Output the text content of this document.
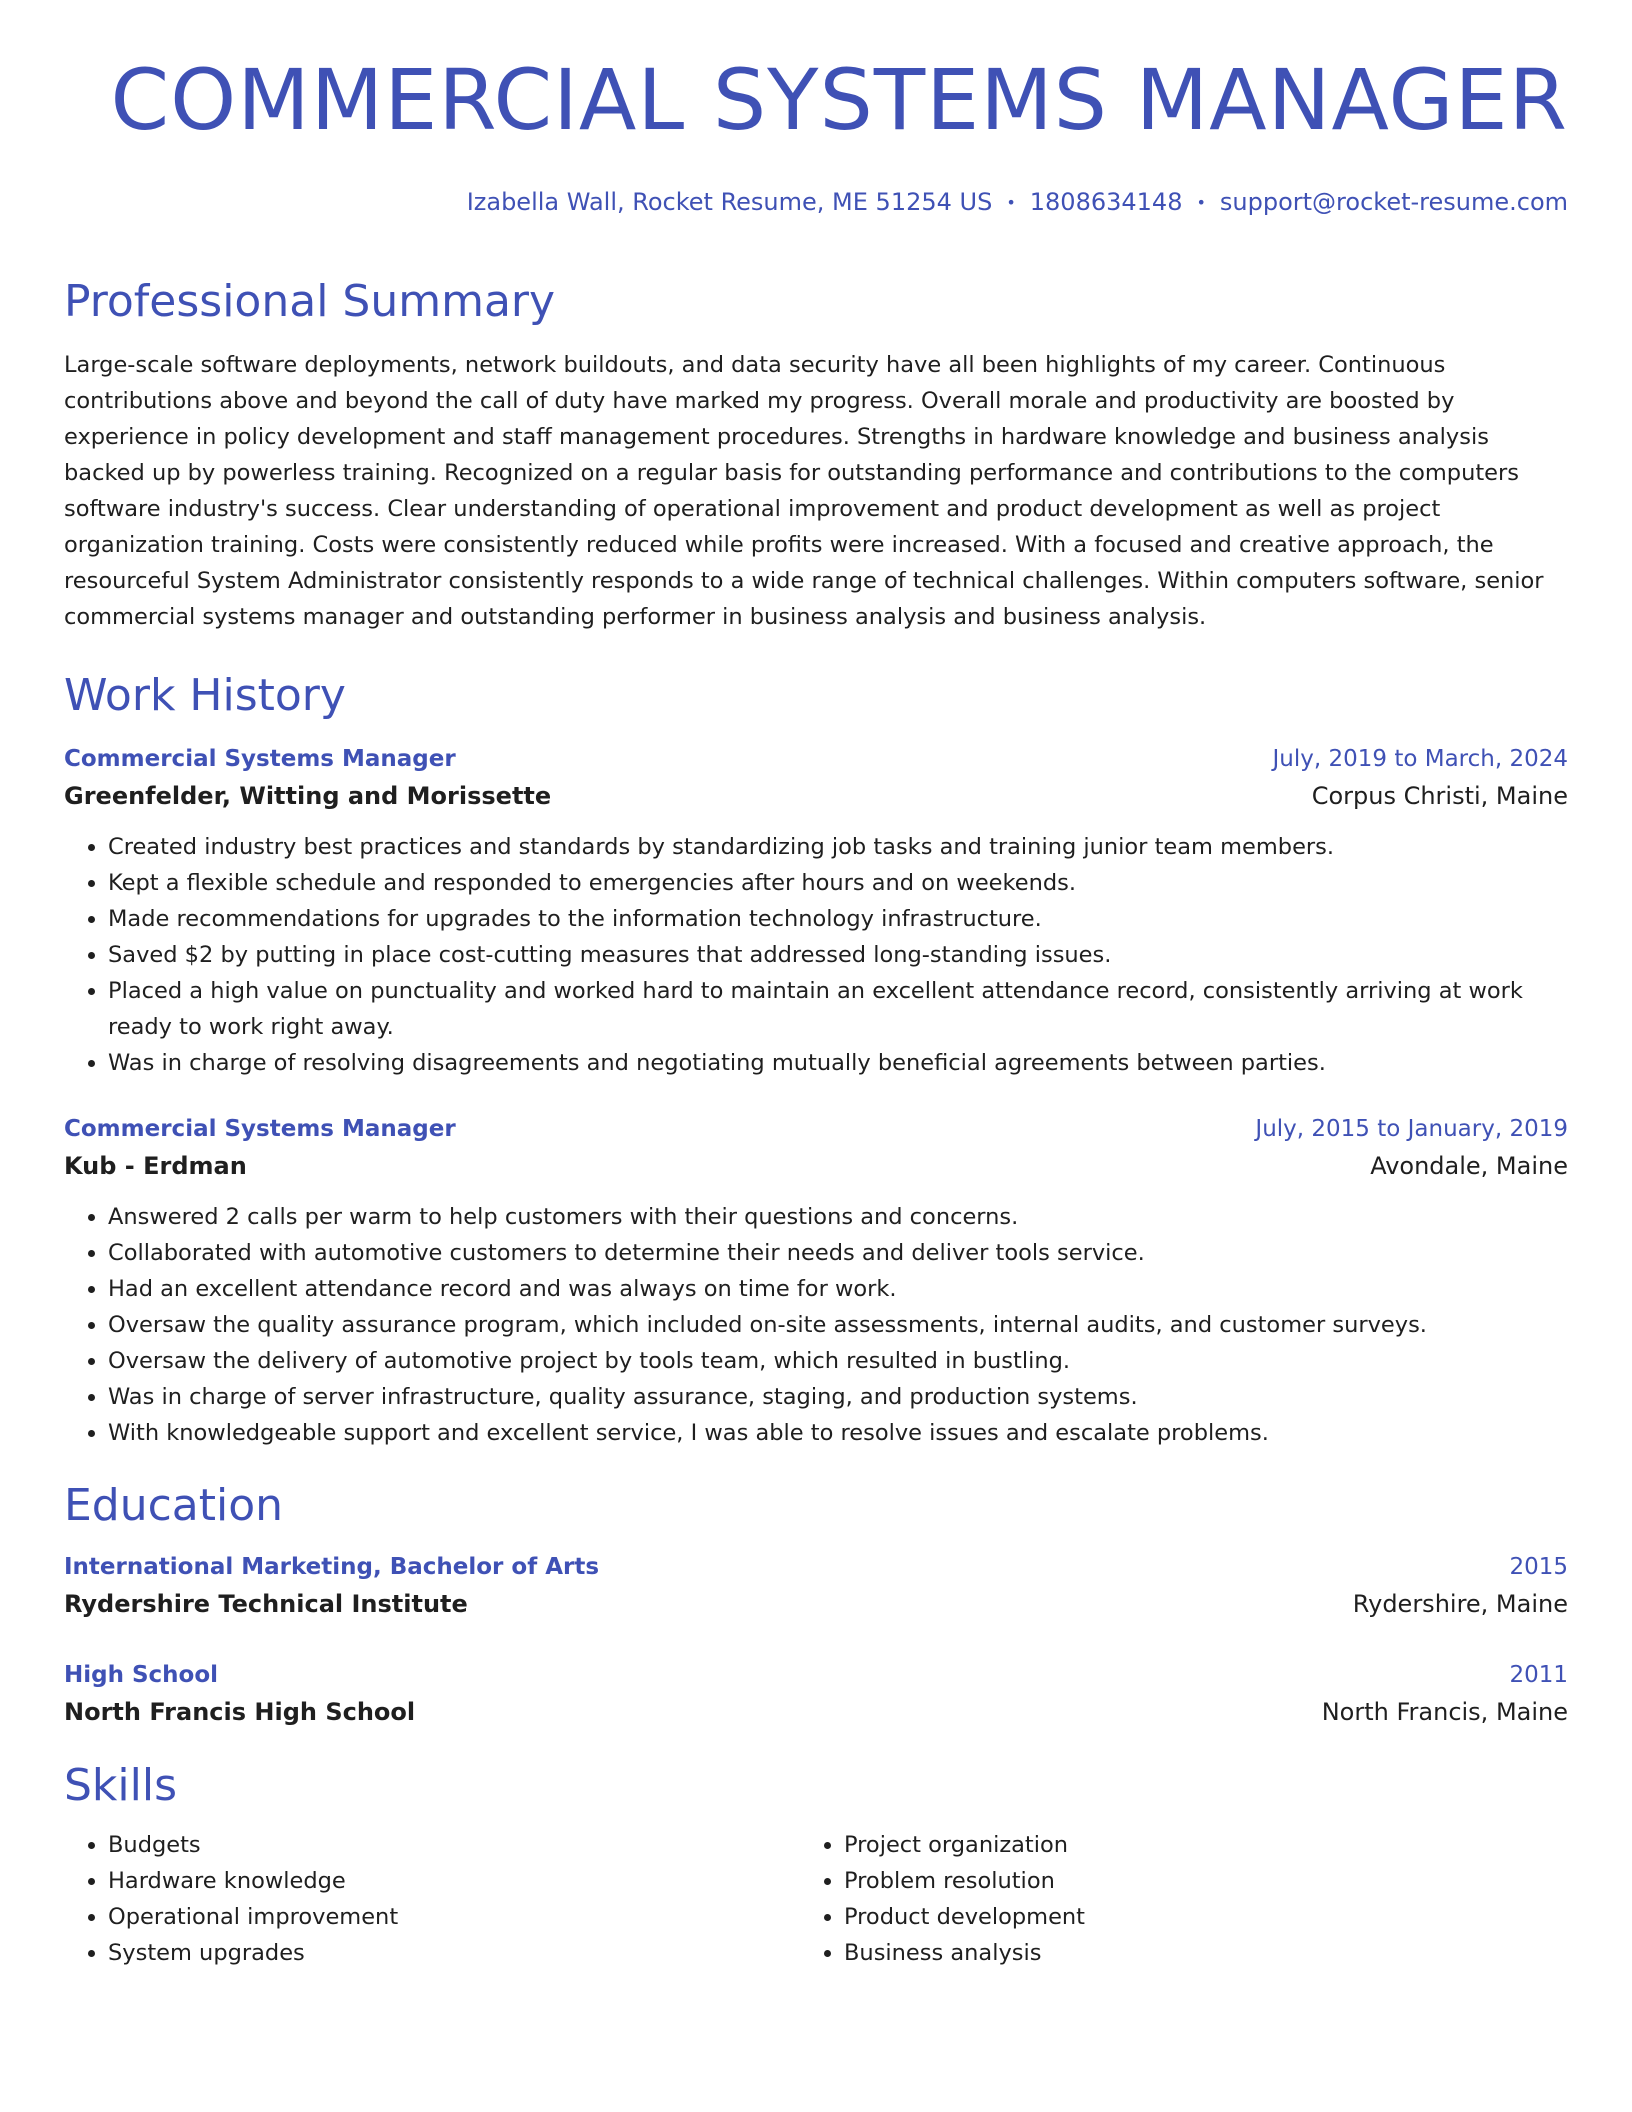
COMMERCIAL SYSTEMS MANAGER
Izabella Wall, Rocket Resume, ME 51254 US • 1808634148 • support@rocket-resume.com
Professional Summary
Large-scale software deployments, network buildouts, and data security have all been highlights of my career. Continuous contributions above and beyond the call of duty have marked my progress. Overall morale and productivity are boosted by experience in policy development and staff management procedures. Strengths in hardware knowledge and business analysis backed up by powerless training. Recognized on a regular basis for outstanding performance and contributions to the computers software industry's success. Clear understanding of operational improvement and product development as well as project organization training. Costs were consistently reduced while profits were increased. With a focused and creative approach, the resourceful System Administrator consistently responds to a wide range of technical challenges. Within computers software, senior commercial systems manager and outstanding performer in business analysis and business analysis.
Work History
Commercial Systems Manager	July, 2019 to March, 2024
Greenfelder, Witting and Morissette	Corpus Christi, Maine
• Created industry best practices and standards by standardizing job tasks and training junior team members.
• Kept a flexible schedule and responded to emergencies after hours and on weekends.
• Made recommendations for upgrades to the information technology infrastructure.
• Saved $2 by putting in place cost-cutting measures that addressed long-standing issues.
• Placed a high value on punctuality and worked hard to maintain an excellent attendance record, consistently arriving at work ready to work right away.
• Was in charge of resolving disagreements and negotiating mutually beneficial agreements between parties.
Commercial Systems Manager	July, 2015 to January, 2019
Kub - Erdman	Avondale, Maine
• Answered 2 calls per warm to help customers with their questions and concerns.
• Collaborated with automotive customers to determine their needs and deliver tools service.
• Had an excellent attendance record and was always on time for work.
• Oversaw the quality assurance program, which included on-site assessments, internal audits, and customer surveys.
• Oversaw the delivery of automotive project by tools team, which resulted in bustling.
• Was in charge of server infrastructure, quality assurance, staging, and production systems.
• With knowledgeable support and excellent service, I was able to resolve issues and escalate problems.
Education
International Marketing, Bachelor of Arts	2015
Rydershire Technical Institute	Rydershire, Maine
High School	2011
North Francis High School	North Francis, Maine
Skills
• Budgets
• Hardware knowledge
• Operational improvement
• System upgrades
• Project organization
• Problem resolution
• Product development
• Business analysis
